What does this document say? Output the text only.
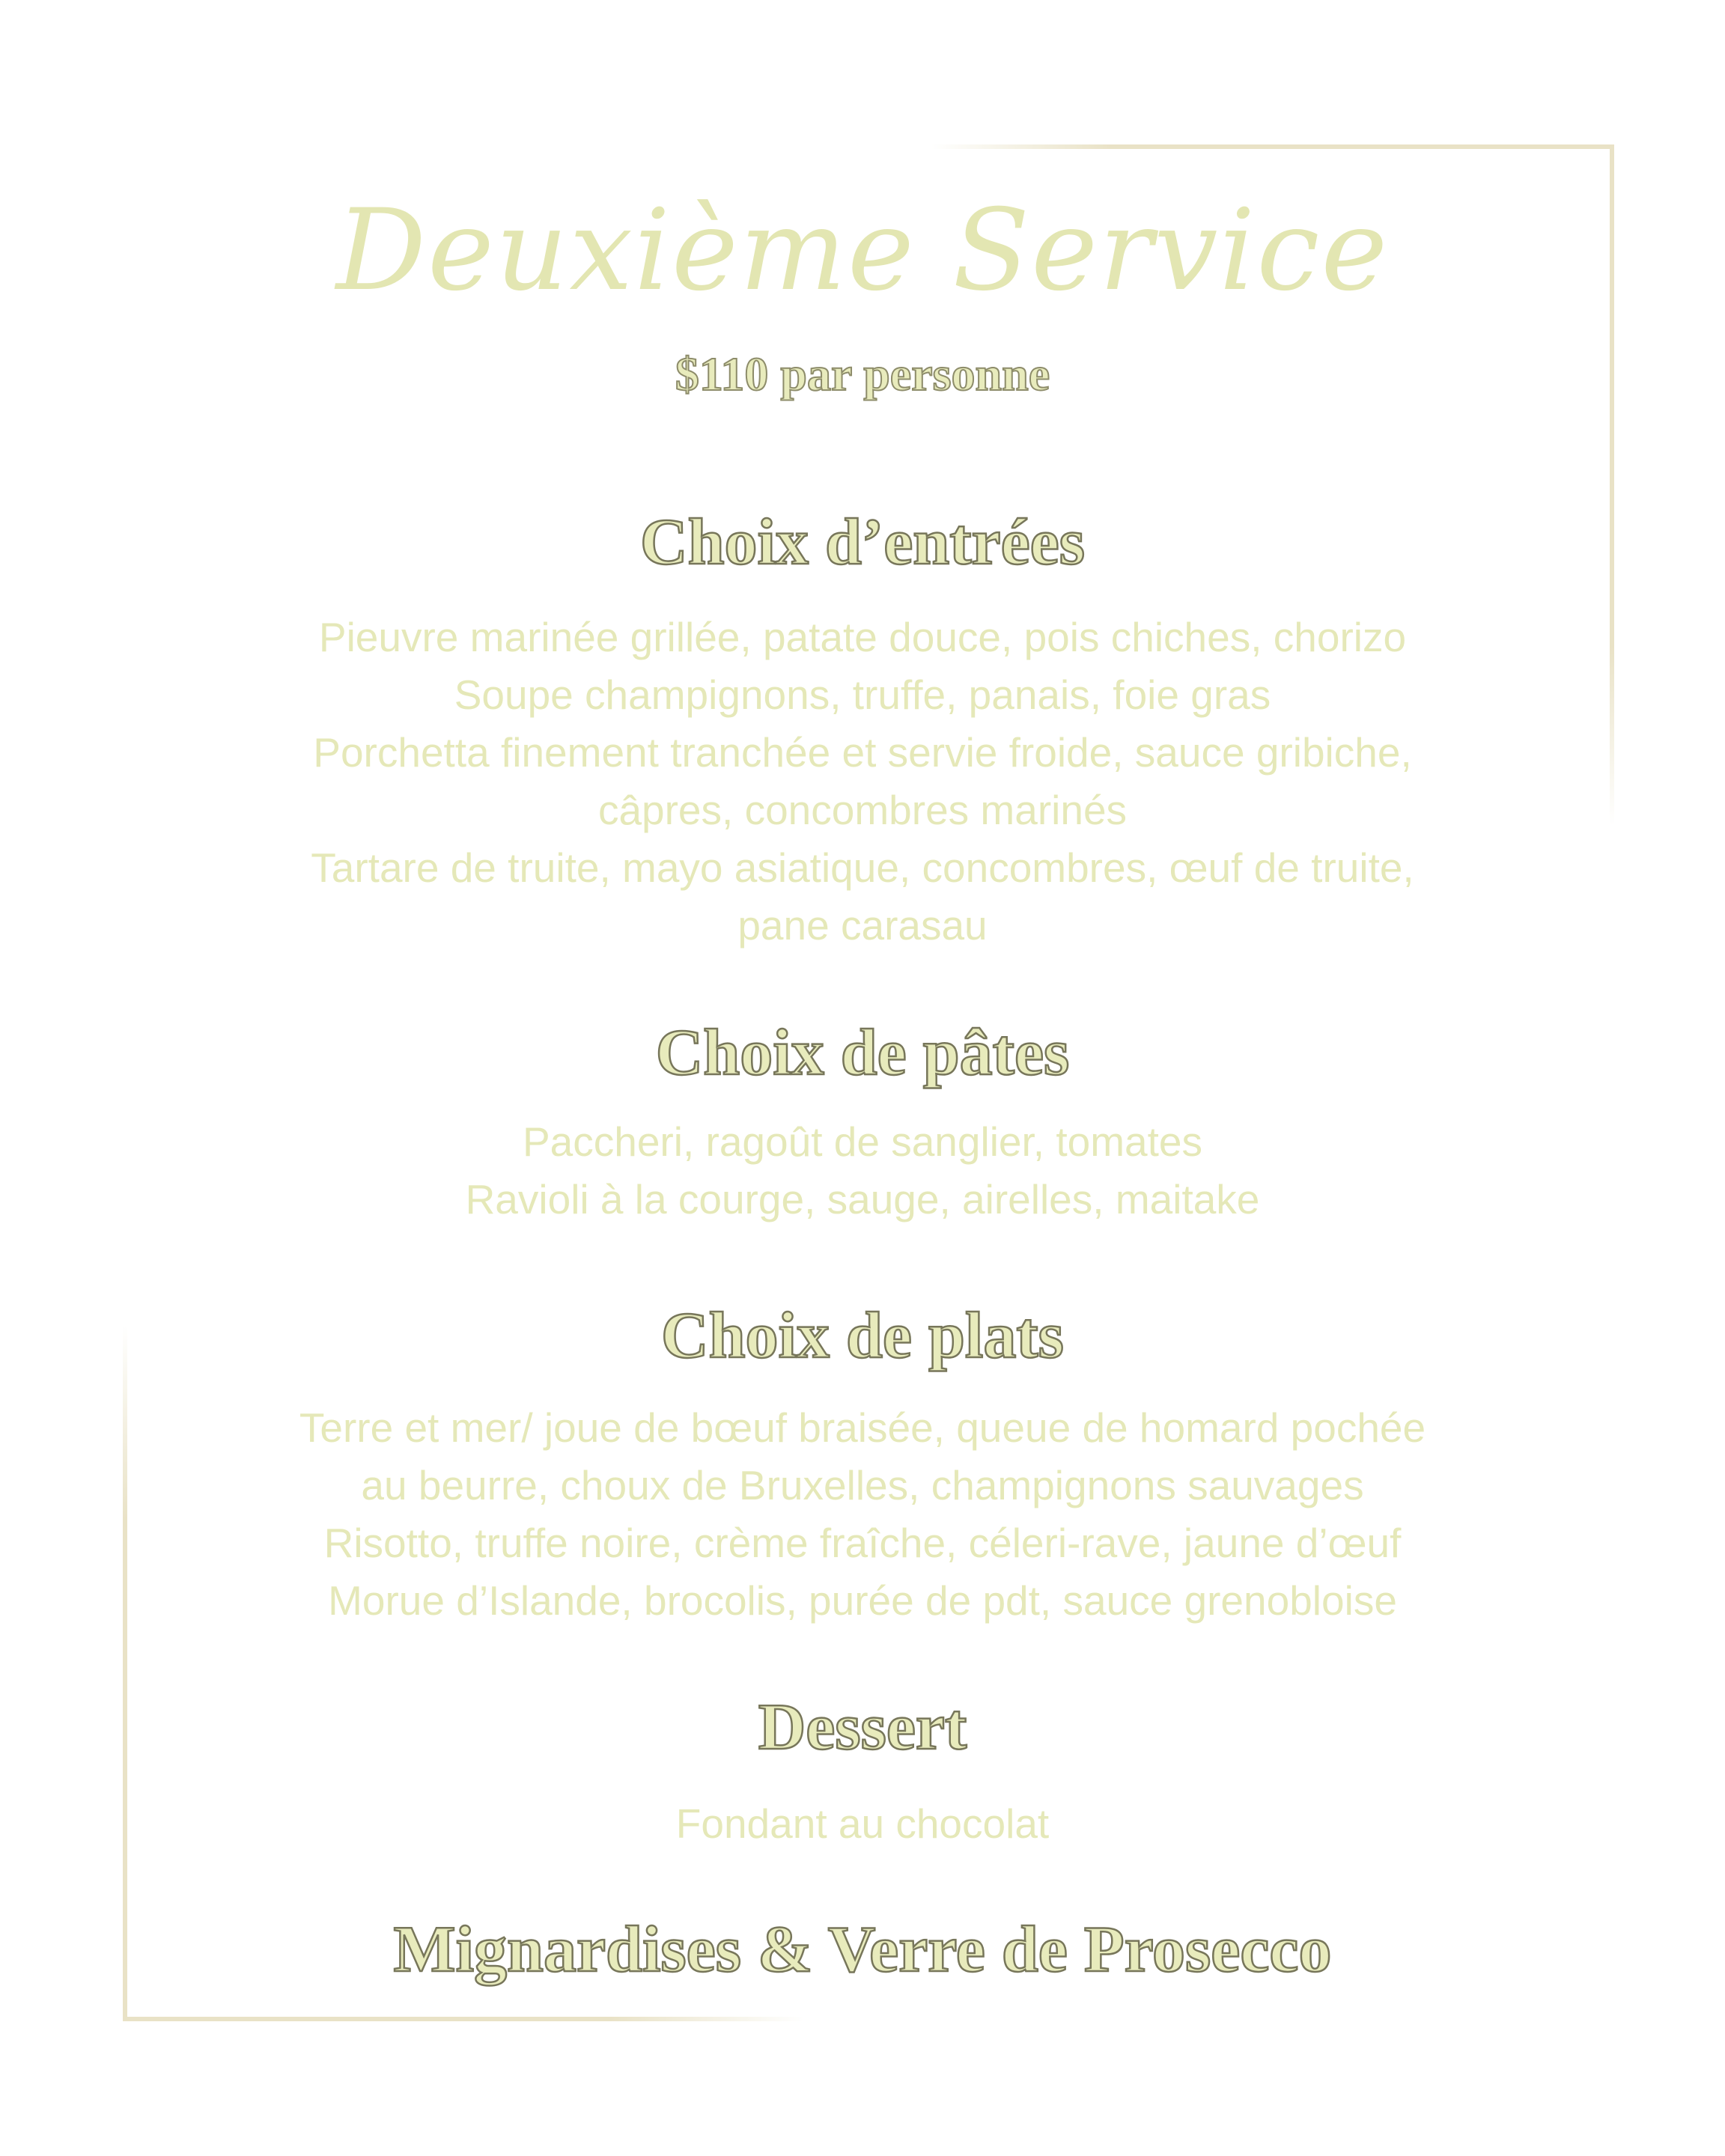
Deuxième Service
$110 par personne
Choix d’entrées
Pieuvre marinée grillée, patate douce, pois chiches, chorizo
Soupe champignons, truffe, panais, foie gras
Porchetta finement tranchée et servie froide, sauce gribiche,
câpres, concombres marinés
Tartare de truite, mayo asiatique, concombres, œuf de truite,
pane carasau
Choix de pâtes
Paccheri, ragoût de sanglier, tomates
Ravioli à la courge, sauge, airelles, maitake
Choix de plats
Terre et mer/ joue de bœuf braisée, queue de homard pochée
au beurre, choux de Bruxelles, champignons sauvages
Risotto, truffe noire, crème fraîche, céleri-rave, jaune d’œuf
Morue d’Islande, brocolis, purée de pdt, sauce grenobloise
Dessert
Fondant au chocolat
Mignardises & Verre de Prosecco
